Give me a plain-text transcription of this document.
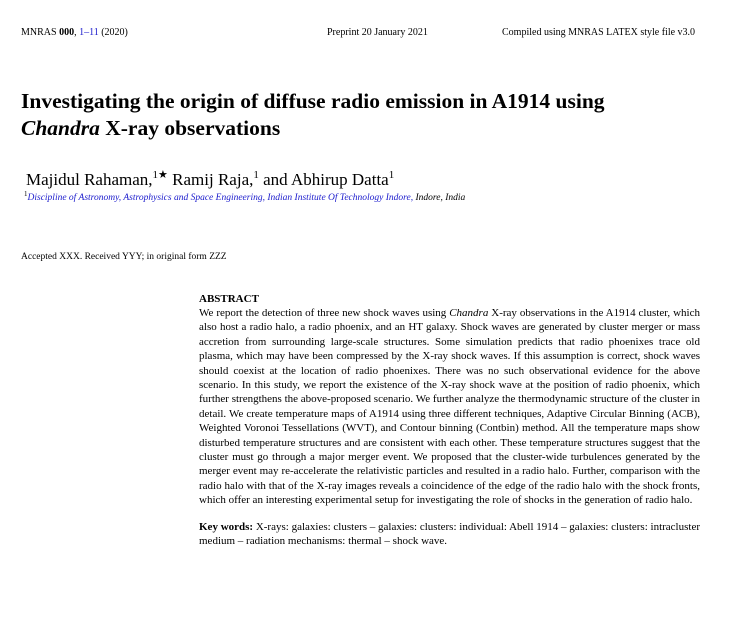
MNRAS 000, 1–11 (2020)	Preprint 20 January 2021	Compiled using MNRAS LATEX style file v3.0
Investigating the origin of diffuse radio emission in A1914 using
Chandra X-ray observations
Majidul Rahaman,$^{1★}$ Ramij Raja,$^1$ and Abhirup Datta$^1$
$^1$Discipline of Astronomy, Astrophysics and Space Engineering, Indian Institute Of Technology Indore, Indore, India
Accepted XXX. Received YYY; in original form ZZZ
ABSTRACT

We report the detection of three new shock waves using Chandra X-ray observations in the A1914 cluster, which also host a radio halo, a radio phoenix, and an HT galaxy. Shock waves are generated by cluster merger or mass accretion from surrounding large-scale structures. Some simulation predicts that radio phoenixes trace old plasma, which may have been compressed by the X-ray shock waves. If this assumption is correct, shock waves should coexist at the location of radio phoenixes. There was no such observational evidence for the above scenario. In this study, we report the existence of the X-ray shock wave at the position of radio phoenix, which further strengthens the above-proposed scenario. We further analyze the thermodynamic structure of the cluster in detail. We create temperature maps of A1914 using three different techniques, Adaptive Circular Binning (ACB), Weighted Voronoi Tessellations (WVT), and Contour binning (Contbin) method. All the temperature maps show disturbed temperature structures and are consistent with each other. These temperature structures suggest that the cluster must go through a major merger event. We proposed that the cluster-wide turbulences generated by the merger event may re-accelerate the relativistic particles and resulted in a radio halo. Further, comparison with the radio halo with that of the X-ray images reveals a coincidence of the edge of the radio halo with the shock fronts, which offer an interesting experimental setup for investigating the role of shocks in the generation of radio halo.

Key words: X-rays: galaxies: clusters – galaxies: clusters: individual: Abell 1914 – galaxies: clusters: intracluster medium – radiation mechanisms: thermal – shock wave.
